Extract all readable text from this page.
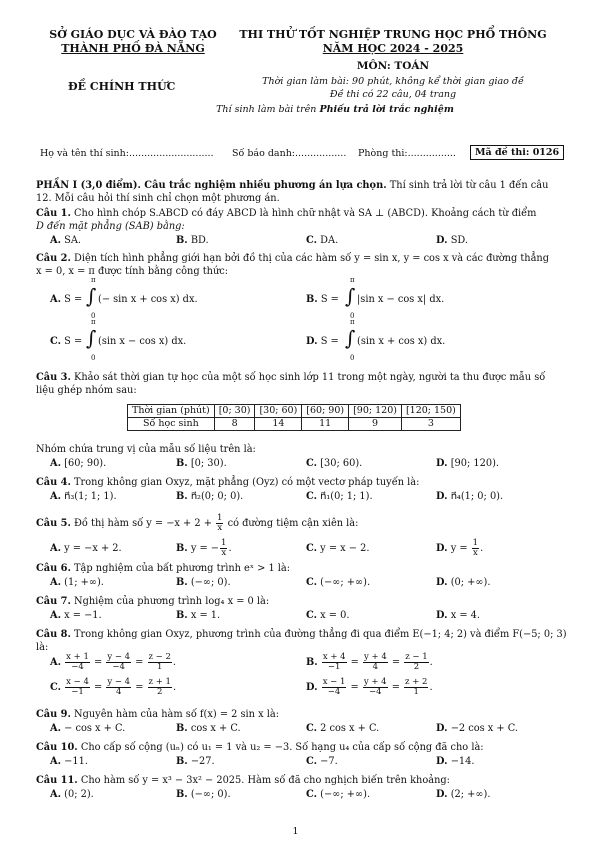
SỞ GIÁO DỤC VÀ ĐÀO TẠO
THÀNH PHỐ ĐÀ NẴNG
THI THỬ TỐT NGHIỆP TRUNG HỌC PHỔ THÔNG
NĂM HỌC 2024 - 2025
MÔN: TOÁN
ĐỀ CHÍNH THỨC	Thời gian làm bài: 90 phút, không kể thời gian giao đề
Đề thi có 22 câu, 04 trang
Thí sinh làm bài trên Phiếu trả lời trắc nghiệm
Họ và tên thí sinh:............................ Số báo danh:................. Phòng thi:................	Mã đề thi: 0126
PHẦN I (3,0 điểm). Câu trắc nghiệm nhiều phương án lựa chọn. Thí sinh trả lời từ câu 1 đến câu
12. Mỗi câu hỏi thí sinh chỉ chọn một phương án.
Câu 1. Cho hình chóp S.ABCD có đáy ABCD là hình chữ nhật và SA ⊥ (ABCD). Khoảng cách từ điểm
D đến mặt phẳng (SAB) bằng:
A. SA.	B. BD.	C. DA.	D. SD.
Câu 2. Diện tích hình phẳng giới hạn bởi đồ thị của các hàm số y = sin x, y = cos x và các đường thẳng
x = 0, x = π được tính bằng công thức:
A. S =
π
∫
0
(− sin x + cos x) dx.	B. S =
π
∫
0
|sin x − cos x| dx.
C. S =
π
∫
0
(sin x − cos x) dx.	D. S =
π
∫
0
(sin x + cos x) dx.
Câu 3. Khảo sát thời gian tự học của một số học sinh lớp 11 trong một ngày, người ta thu được mẫu số
liệu ghép nhóm sau:
Thời gian (phút)	[0; 30)	[30; 60)	[60; 90)	[90; 120)	[120; 150)
Số học sinh	8	14	11	9	3
Nhóm chứa trung vị của mẫu số liệu trên là:
A. [60; 90).	B. [0; 30).	C. [30; 60).	D. [90; 120).
Câu 4. Trong không gian Oxyz, mặt phẳng (Oyz) có một vectơ pháp tuyến là:
A. n⃗₃(1; 1; 1).	B. n⃗₂(0; 0; 0).	C. n⃗₁(0; 1; 1).	D. n⃗₄(1; 0; 0).
Câu 5. Đồ thị hàm số $y = -x + 2 + \frac{1}{x}$ có đường tiệm cận xiên là:
A. y = −x + 2.	B. y = − $\frac{1}{x}$ .	C. y = x − 2.	D. $y = \frac{1}{x}$ .
Câu 6. Tập nghiệm của bất phương trình eˣ > 1 là:
A. (1; +∞).	B. (−∞; 0).	C. (−∞; +∞).	D. (0; +∞).
Câu 7. Nghiệm của phương trình log₄ x = 0 là:
A. x = −1.	B. x = 1.	C. x = 0.	D. x = 4.
Câu 8. Trong không gian Oxyz, phương trình của đường thẳng đi qua điểm E(−1; 4; 2) và điểm F(−5; 0; 3)
là:
A. $\frac{x + 1}{-4} = \frac{y - 4}{-4} = \frac{z - 2}{1}$ .	B. $\frac{x + 4}{-1} = \frac{y + 4}{4} = \frac{z - 1}{2}$ .
C. $\frac{x - 4}{-1} = \frac{y - 4}{4} = \frac{z + 1}{2}$ .	D. $\frac{x - 1}{-4} = \frac{y + 4}{-4} = \frac{z + 2}{1}$ .
Câu 9. Nguyên hàm của hàm số f(x) = 2 sin x là:
A. − cos x + C.	B. cos x + C.	C. 2 cos x + C.	D. −2 cos x + C.
Câu 10. Cho cấp số cộng (uₙ) có u₁ = 1 và u₂ = −3. Số hạng u₄ của cấp số cộng đã cho là:
A. −11.	B. −27.	C. −7.	D. −14.
Câu 11. Cho hàm số y = x³ − 3x² − 2025. Hàm số đã cho nghịch biến trên khoảng:
A. (0; 2).	B. (−∞; 0).	C. (−∞; +∞).	D. (2; +∞).
1
